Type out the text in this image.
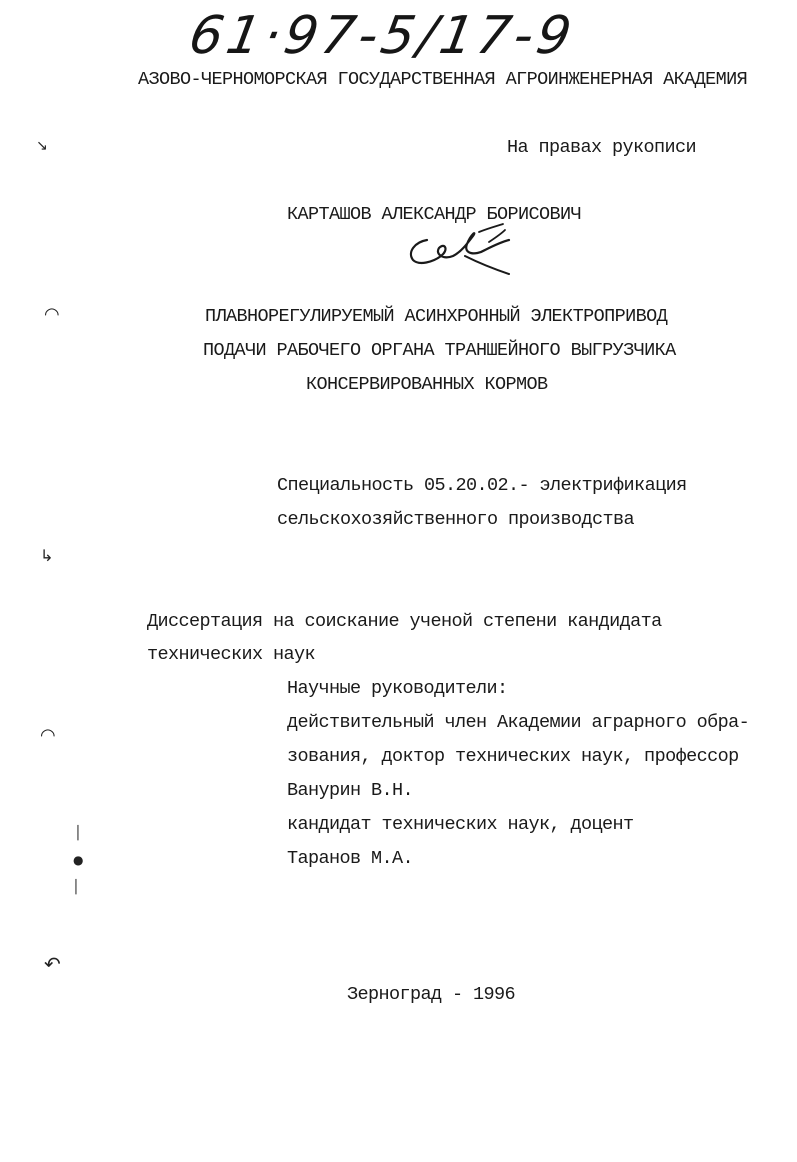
61·97-5/17-9
АЗОВО-ЧЕРНОМОРСКАЯ ГОСУДАРСТВЕННАЯ АГРОИНЖЕНЕРНАЯ АКАДЕМИЯ
На правах рукописи
КАРТАШОВ АЛЕКСАНДР БОРИСОВИЧ
ПЛАВНОРЕГУЛИРУЕМЫЙ АСИНХРОННЫЙ ЭЛЕКТРОПРИВОД
ПОДАЧИ РАБОЧЕГО ОРГАНА ТРАНШЕЙНОГО ВЫГРУЗЧИКА
КОНСЕРВИРОВАННЫХ КОРМОВ
Специальность 05.20.02.- электрификация
сельскохозяйственного производства
Диссертация на соискание ученой степени кандидата
технических наук
Научные руководители:
действительный член Академии аграрного обра-
зования, доктор технических наук, профессор
Ванурин В.Н.
кандидат технических наук, доцент
Таранов М.А.
Зерноград - 1996
↘
◠
↳
◠
│
●
│
↶
